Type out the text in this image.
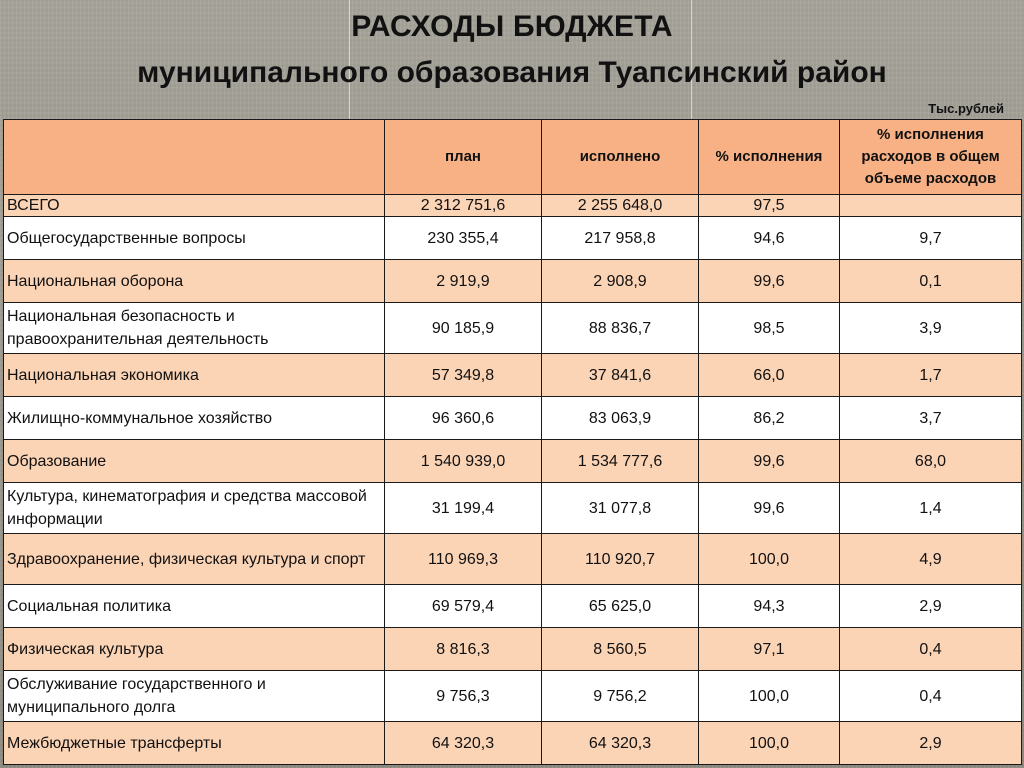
РАСХОДЫ БЮДЖЕТА
муниципального образования Туапсинский район
Тыс.рублей
	план	исполнено	% исполнения	% исполнения расходов в общем объеме расходов
ВСЕГО	2 312 751,6	2 255 648,0	97,5	
Общегосударственные вопросы	230 355,4	217 958,8	94,6	9,7
Национальная оборона	2 919,9	2 908,9	99,6	0,1
Национальная безопасность и правоохранительная деятельность	90 185,9	88 836,7	98,5	3,9
Национальная экономика	57 349,8	37 841,6	66,0	1,7
Жилищно-коммунальное хозяйство	96 360,6	83 063,9	86,2	3,7
Образование	1 540 939,0	1 534 777,6	99,6	68,0
Культура, кинематография и средства массовой информации	31 199,4	31 077,8	99,6	1,4
Здравоохранение, физическая культура и спорт	110 969,3	110 920,7	100,0	4,9
Социальная политика	69 579,4	65 625,0	94,3	2,9
Физическая культура	8 816,3	8 560,5	97,1	0,4
Обслуживание государственного и муниципального долга	9 756,3	9 756,2	100,0	0,4
Межбюджетные трансферты	64 320,3	64 320,3	100,0	2,9
